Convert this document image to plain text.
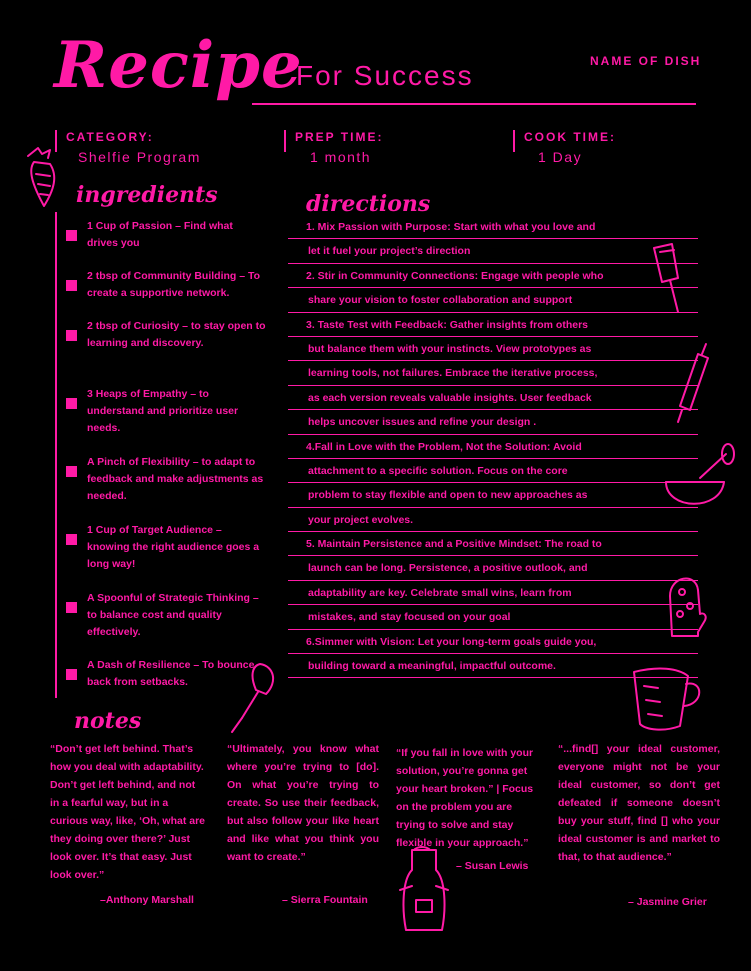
Recipe
For Success	NAME OF DISH
CATEGORY:
Shelfie Program
PREP TIME:
1 month
COOK TIME:
1 Day
ingredients
1 Cup of Passion – Find what drives you
2 tbsp of Community Building – To create a supportive network.
2 tbsp of Curiosity – to stay open to learning and discovery.
3 Heaps of Empathy – to understand and prioritize user needs.
A Pinch of Flexibility – to adapt to feedback and make adjustments as needed.
1 Cup of Target Audience – knowing the right audience goes a long way!
A Spoonful of Strategic Thinking – to balance cost and quality effectively.
A Dash of Resilience – To bounce back from setbacks.
directions
1. Mix Passion with Purpose: Start with what you love and
let it fuel your project’s direction
2. Stir in Community Connections: Engage with people who
share your vision to foster collaboration and support
3. Taste Test with Feedback: Gather insights from others
but balance them with your instincts. View prototypes as
learning tools, not failures. Embrace the iterative process,
as each version reveals valuable insights. User feedback
helps uncover issues and refine your design .
4.Fall in Love with the Problem, Not the Solution: Avoid
attachment to a specific solution. Focus on the core
problem to stay flexible and open to new approaches as
your project evolves.
5. Maintain Persistence and a Positive Mindset: The road to
launch can be long. Persistence, a positive outlook, and
adaptability are key. Celebrate small wins, learn from
mistakes, and stay focused on your goal
6.Simmer with Vision: Let your long-term goals guide you,
building toward a meaningful, impactful outcome.
notes
“Don’t get left behind. That’s how you deal with adaptability. Don’t get left behind, and not in a fearful way, but in a curious way, like, ‘Oh, what are they doing over there?’ Just look over. It’s that easy. Just look over.”
–Anthony Marshall
“Ultimately, you know what where you’re trying to [do]. On what you’re trying to create. So use their feedback, but also follow your like heart and like what you think you want to create.”
– Sierra Fountain
“If you fall in love with your solution, you’re gonna get your heart broken.” | Focus on the problem you are trying to solve and stay flexible in your approach.”
– Susan Lewis
“...find[] your ideal customer, everyone might not be your ideal customer, so don’t get defeated if someone doesn’t buy your stuff, find [] who your ideal customer is and market to that, to that audience.”
– Jasmine Grier
